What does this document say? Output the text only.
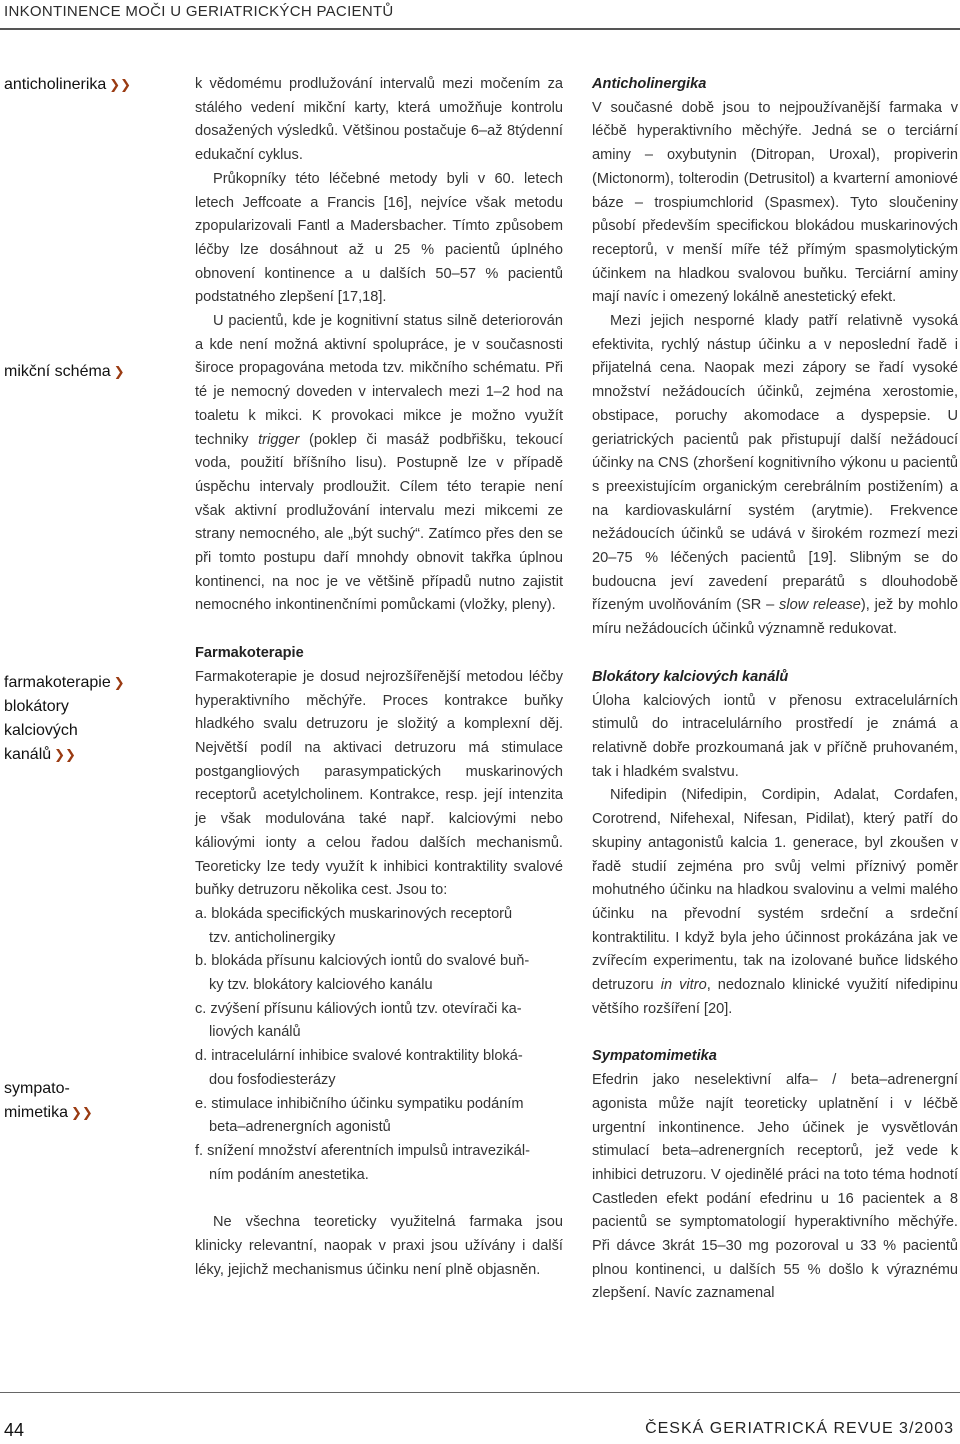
INKONTINENCE MOČI U GERIATRICKÝCH PACIENTŮ
anticholinerika ❯❯
mikční schéma ❯
farmakoterapie ❯
blokátory
kalciových
kanálů ❯❯
sympato-
mimetika ❯❯

k vědomému prodlužování intervalů mezi močením za stálého vedení mikční karty, která umožňuje kontrolu dosažených výsledků. Většinou postačuje 6–až 8týdenní edukační cyklus.

Průkopníky této léčebné metody byli v 60. letech letech Jeffcoate a Francis [16], nejvíce však metodu zpopularizovali Fantl a Madersbacher. Tímto způsobem léčby lze dosáhnout až u 25 % pacientů úplného obnovení kontinence a u dalších 50–57 % pacientů podstatného zlepšení [17,18].

U pacientů, kde je kognitivní status silně deteriorován a kde není možná aktivní spolupráce, je v současnosti široce propagována metoda tzv. mikčního schématu. Při té je nemocný doveden v intervalech mezi 1–2 hod na toaletu k mikci. K provokaci mikce je možno využít techniky trigger (poklep či masáž podbřišku, tekoucí voda, použití bříšního lisu). Postupně lze v případě úspěchu intervaly prodloužit. Cílem této terapie není však aktivní prodlužování intervalu mezi mikcemi ze strany nemocného, ale „být suchý“. Zatímco přes den se při tomto postupu daří mnohdy obnovit takřka úplnou kontinenci, na noc je ve většině případů nutno zajistit nemocného inkontinenčními pomůckami (vložky, pleny).

Farmakoterapie

Farmakoterapie je dosud nejrozšířenější metodou léčby hyperaktivního měchýře. Proces kontrakce buňky hladkého svalu detruzoru je složitý a komplexní děj. Největší podíl na aktivaci detruzoru má stimulace postgangliových parasympatických muskarinových receptorů acetylcholinem. Kontrakce, resp. její intenzita je však modulována také např. kalciovými nebo káliovými ionty a celou řadou dalších mechanismů. Teoreticky lze tedy využít k inhibici kontraktility svalové buňky detruzoru několika cest. Jsou to:

a. blokáda specifických muskarinových receptorů
tzv. anticholinergiky
b. blokáda přísunu kalciových iontů do svalové buň-
ky tzv. blokátory kalciového kanálu
c. zvýšení přísunu káliových iontů tzv. otevírači ka-
liových kanálů
d. intracelulární inhibice svalové kontraktility bloká-
dou fosfodiesterázy
e. stimulace inhibičního účinku sympatiku podáním
beta–adrenergních agonistů
f. snížení množství aferentních impulsů intravezikál-
ním podáním anestetika.

Ne všechna teoreticky využitelná farmaka jsou klinicky relevantní, naopak v praxi jsou užívány i další léky, jejichž mechanismus účinku není plně objasněn.

Anticholinergika

V současné době jsou to nejpoužívanější farmaka v léčbě hyperaktivního měchýře. Jedná se o terciární aminy – oxybutynin (Ditropan, Uroxal), propiverin (Mictonorm), tolterodin (Detrusitol) a kvarterní amoniové báze – trospiumchlorid (Spasmex). Tyto sloučeniny působí především specifickou blokádou muskarinových receptorů, v menší míře též přímým spasmolytickým účinkem na hladkou svalovou buňku. Terciární aminy mají navíc i omezený lokálně anestetický efekt.

Mezi jejich nesporné klady patří relativně vysoká efektivita, rychlý nástup účinku a v neposlední řadě i přijatelná cena. Naopak mezi zápory se řadí vysoké množství nežádoucích účinků, zejména xerostomie, obstipace, poruchy akomodace a dyspepsie. U geriatrických pacientů pak přistupují další nežádoucí účinky na CNS (zhoršení kognitivního výkonu u pacientů s preexistujícím organickým cerebrálním postižením) a na kardiovaskulární systém (arytmie). Frekvence nežádoucích účinků se udává v širokém rozmezí mezi 20–75 % léčených pacientů [19]. Slibným se do budoucna jeví zavedení preparátů s dlouhodobě řízeným uvolňováním (SR – slow release), jež by mohlo míru nežádoucích účinků významně redukovat.

Blokátory kalciových kanálů

Úloha kalciových iontů v přenosu extracelulárních stimulů do intracelulárního prostředí je známá a relativně dobře prozkoumaná jak v příčně pruhovaném, tak i hladkém svalstvu.

Nifedipin (Nifedipin, Cordipin, Adalat, Cordafen, Corotrend, Nifehexal, Nifesan, Pidilat), který patří do skupiny antagonistů kalcia 1. generace, byl zkoušen v řadě studií zejména pro svůj velmi příznivý poměr mohutného účinku na hladkou svalovinu a velmi malého účinku na převodní systém srdeční a srdeční kontraktilitu. I když byla jeho účinnost prokázána jak ve zvířecím experimentu, tak na izolované buňce lidského detruzoru in vitro, nedoznalo klinické využití nifedipinu většího rozšíření [20].

Sympatomimetika

Efedrin jako neselektivní alfa– / beta–adrenergní agonista může najít teoreticky uplatnění i v léčbě urgentní inkontinence. Jeho účinek je vysvětlován stimulací beta–adrenergních receptorů, jež vede k inhibici detruzoru. V ojedinělé práci na toto téma hodnotí Castleden efekt podání efedrinu u 16 pacientek a 8 pacientů se symptomatologií hyperaktivního měchýře. Při dávce 3krát 15–30 mg pozoroval u 33 % pacientů plnou kontinenci, u dalších 55 % došlo k výraznému zlepšení. Navíc zaznamenal

44	ČESKÁ GERIATRICKÁ REVUE 3/2003
